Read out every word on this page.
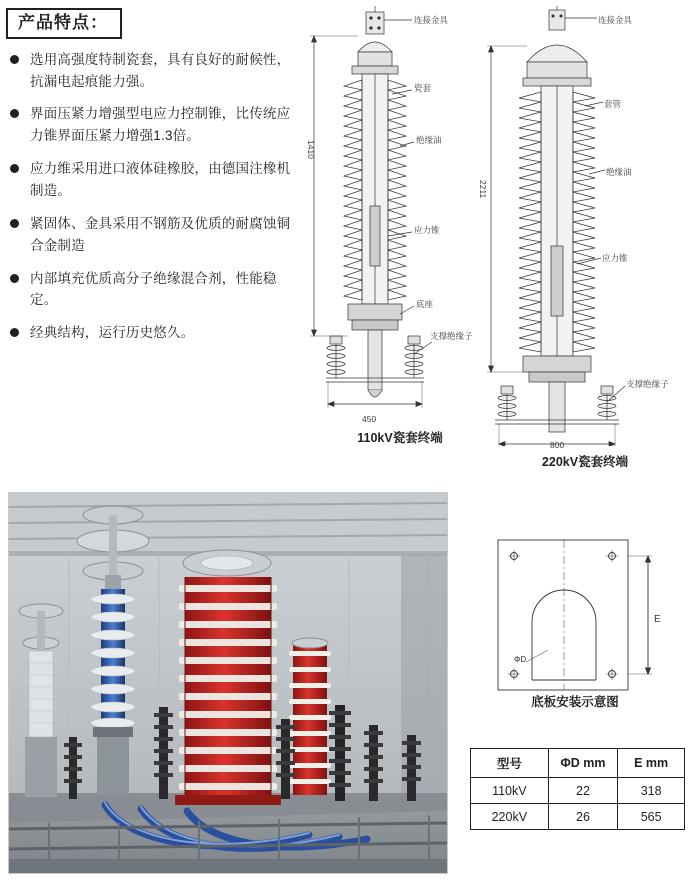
产品特点：
选用高强度特制瓷套，具有良好的耐候性，抗漏电起痕能力强。
界面压紧力增强型电应力控制锥，比传统应力锥界面压紧力增强1.3倍。
应力维采用进口液体硅橡胶，由德国注橡机制造。
紧固体、金具采用不钢筋及优质的耐腐蚀铜合金制造
内部填充优质高分子绝缘混合剂，性能稳定。
经典结构，运行历史悠久。
1410
450
连接金具
瓷套
绝缘油
应力锥
底座
支撑绝缘子
110kV瓷套终端
2211
800
连接金具
套管
绝缘油
应力锥
支撑绝缘子
220kV瓷套终端
E
ΦD
底板安装示意图
型号	ΦD mm	E mm
110kV	22	318
220kV	26	565
